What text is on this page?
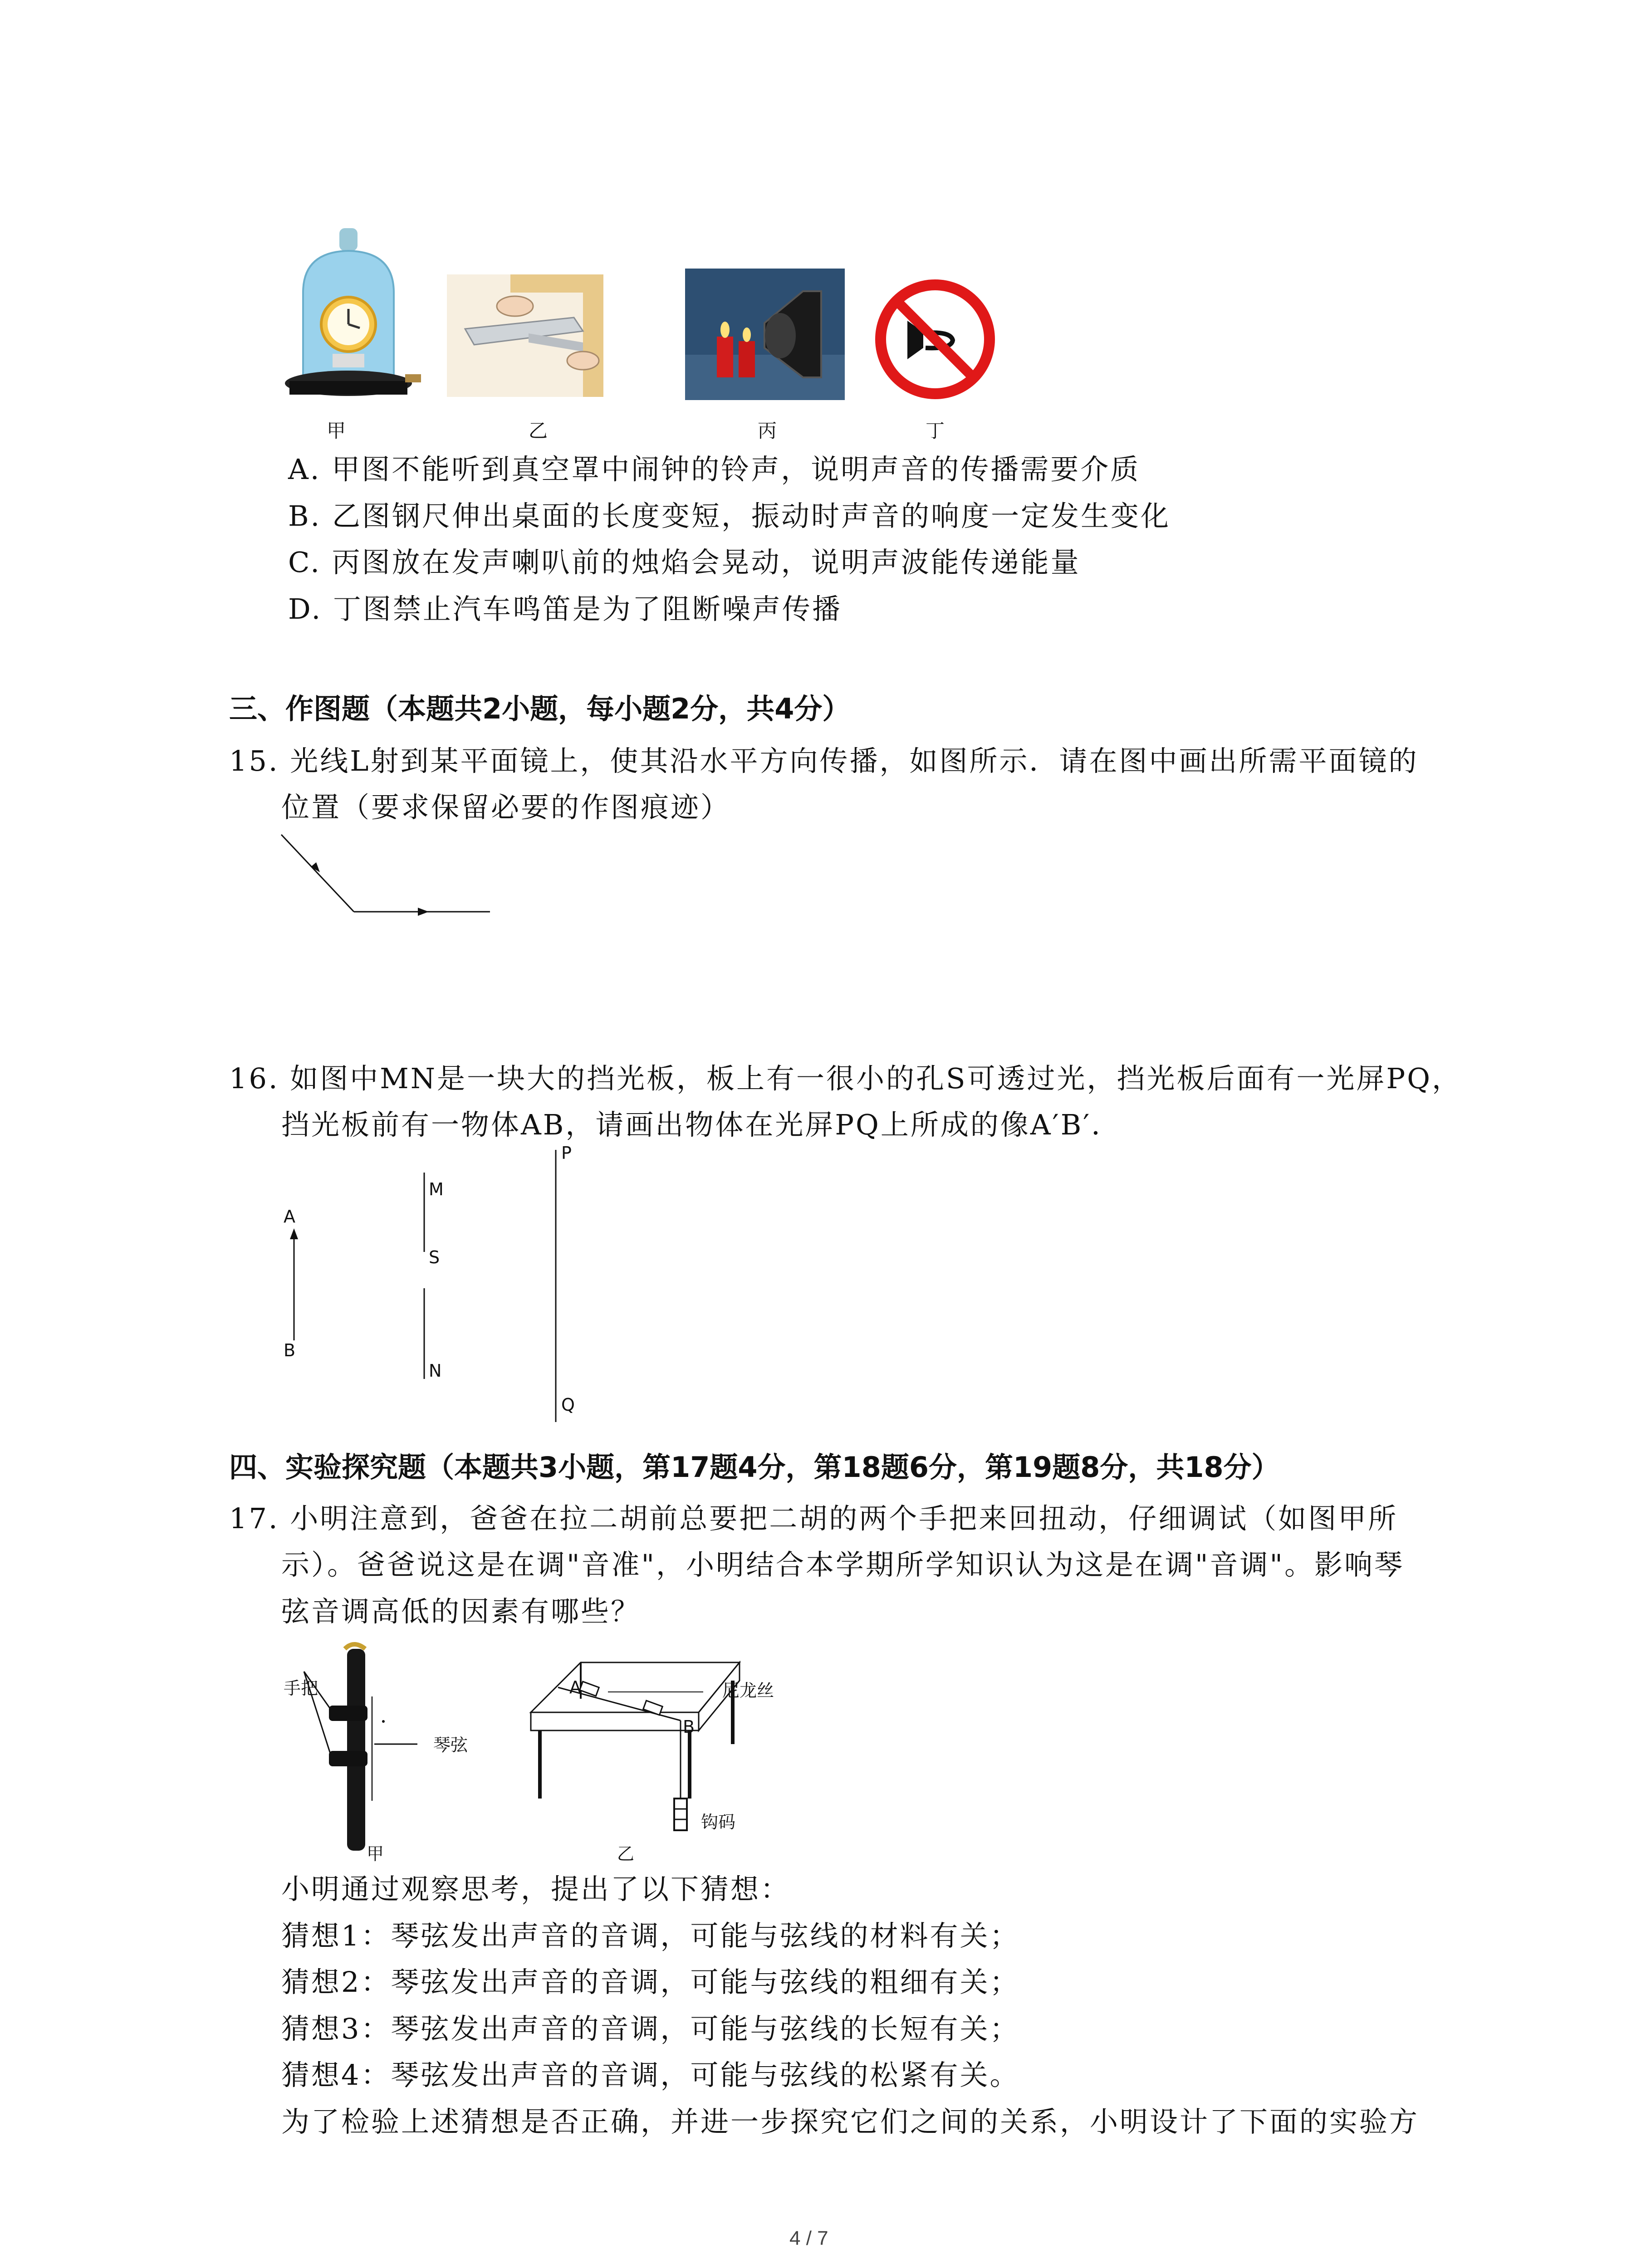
甲	乙	丙	丁
A. 甲图不能听到真空罩中闹钟的铃声，说明声音的传播需要介质
B. 乙图钢尺伸出桌面的长度变短，振动时声音的响度一定发生变化
C. 丙图放在发声喇叭前的烛焰会晃动，说明声波能传递能量
D. 丁图禁止汽车鸣笛是为了阻断噪声传播
三、作图题（本题共2小题，每小题2分，共4分）
15. 光线L射到某平面镜上，使其沿水平方向传播，如图所示．请在图中画出所需平面镜的
位置（要求保留必要的作图痕迹）
16. 如图中MN是一块大的挡光板，板上有一很小的孔S可透过光，挡光板后面有一光屏PQ，
挡光板前有一物体AB，请画出物体在光屏PQ上所成的像A′B′．
A
B
M
S
N
P
Q
四、实验探究题（本题共3小题，第17题4分，第18题6分，第19题8分，共18分）
17. 小明注意到，爸爸在拉二胡前总要把二胡的两个手把来回扭动，仔细调试（如图甲所
示）。爸爸说这是在调"音准"，小明结合本学期所学知识认为这是在调"音调"。影响琴
弦音调高低的因素有哪些？
手把
琴弦
甲
A
B
尼龙丝
钩码
乙
小明通过观察思考，提出了以下猜想：
猜想1：琴弦发出声音的音调，可能与弦线的材料有关；
猜想2：琴弦发出声音的音调，可能与弦线的粗细有关；
猜想3：琴弦发出声音的音调，可能与弦线的长短有关；
猜想4：琴弦发出声音的音调，可能与弦线的松紧有关。
为了检验上述猜想是否正确，并进一步探究它们之间的关系，小明设计了下面的实验方
4 / 7
